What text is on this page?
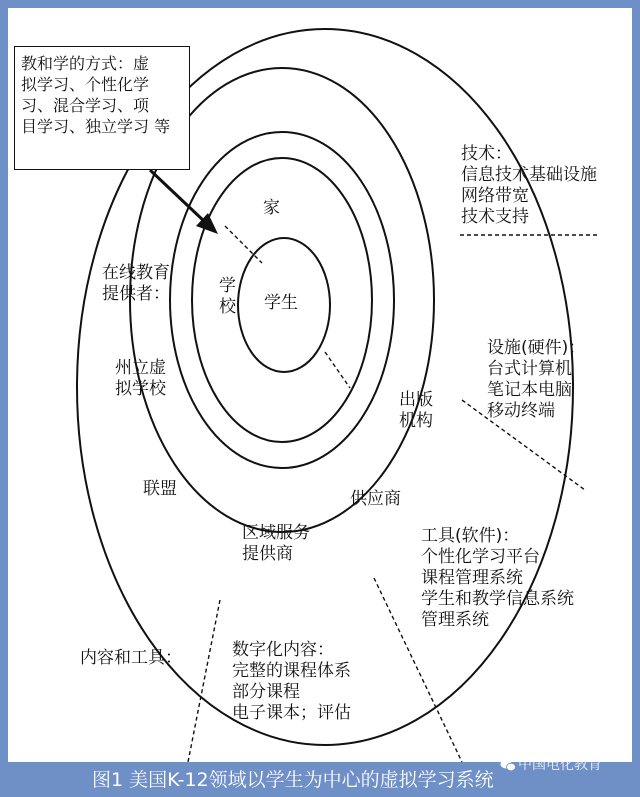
教和学的方式：虚 拟学习、个性化学 习、混合学习、项 目学习、独立学习 等
学生
家
学
校
在线教育
提供者：
州立虚
拟学校
联盟
区域服务
提供商
供应商
出版
机构
技术：
信息技术基础设施
网络带宽
技术支持
设施(硬件)：
台式计算机
笔记本电脑
移动终端
工具(软件)：
个性化学习平台
课程管理系统
学生和教学信息系统
管理系统
内容和工具：	数字化内容：
完整的课程体系
部分课程
电子课本；评估
图1 美国K-12领域以学生为中心的虚拟学习系统
中国电化教育
